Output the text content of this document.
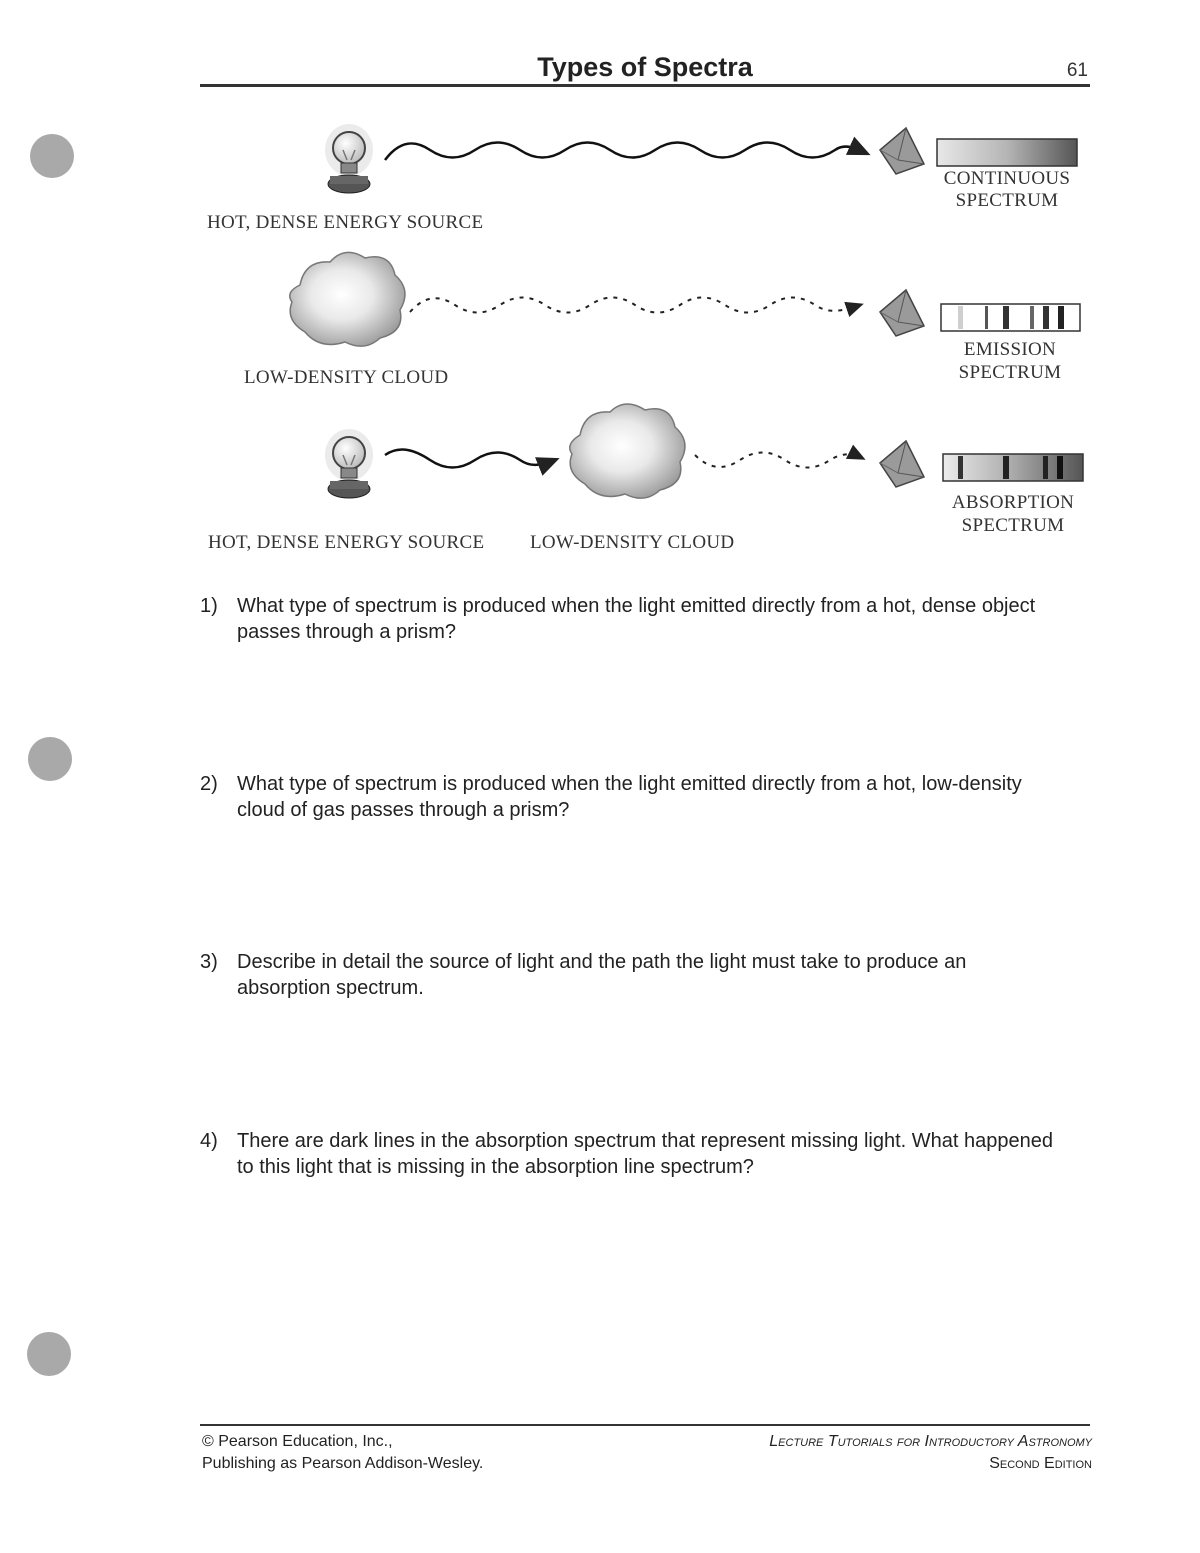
Types of Spectra	61
HOT, DENSE ENERGY SOURCE
CONTINUOUS
SPECTRUM
LOW-DENSITY CLOUD
EMISSION
SPECTRUM
HOT, DENSE ENERGY SOURCE LOW-DENSITY CLOUD
ABSORPTION
SPECTRUM
1) What type of spectrum is produced when the light emitted directly from a hot, dense object passes through a prism?
2) What type of spectrum is produced when the light emitted directly from a hot, low-density cloud of gas passes through a prism?
3) Describe in detail the source of light and the path the light must take to produce an absorption spectrum.
4) There are dark lines in the absorption spectrum that represent missing light. What happened to this light that is missing in the absorption line spectrum?
© Pearson Education, Inc.,
Publishing as Pearson Addison-Wesley.
Lecture Tutorials for Introductory Astronomy
Second Edition
